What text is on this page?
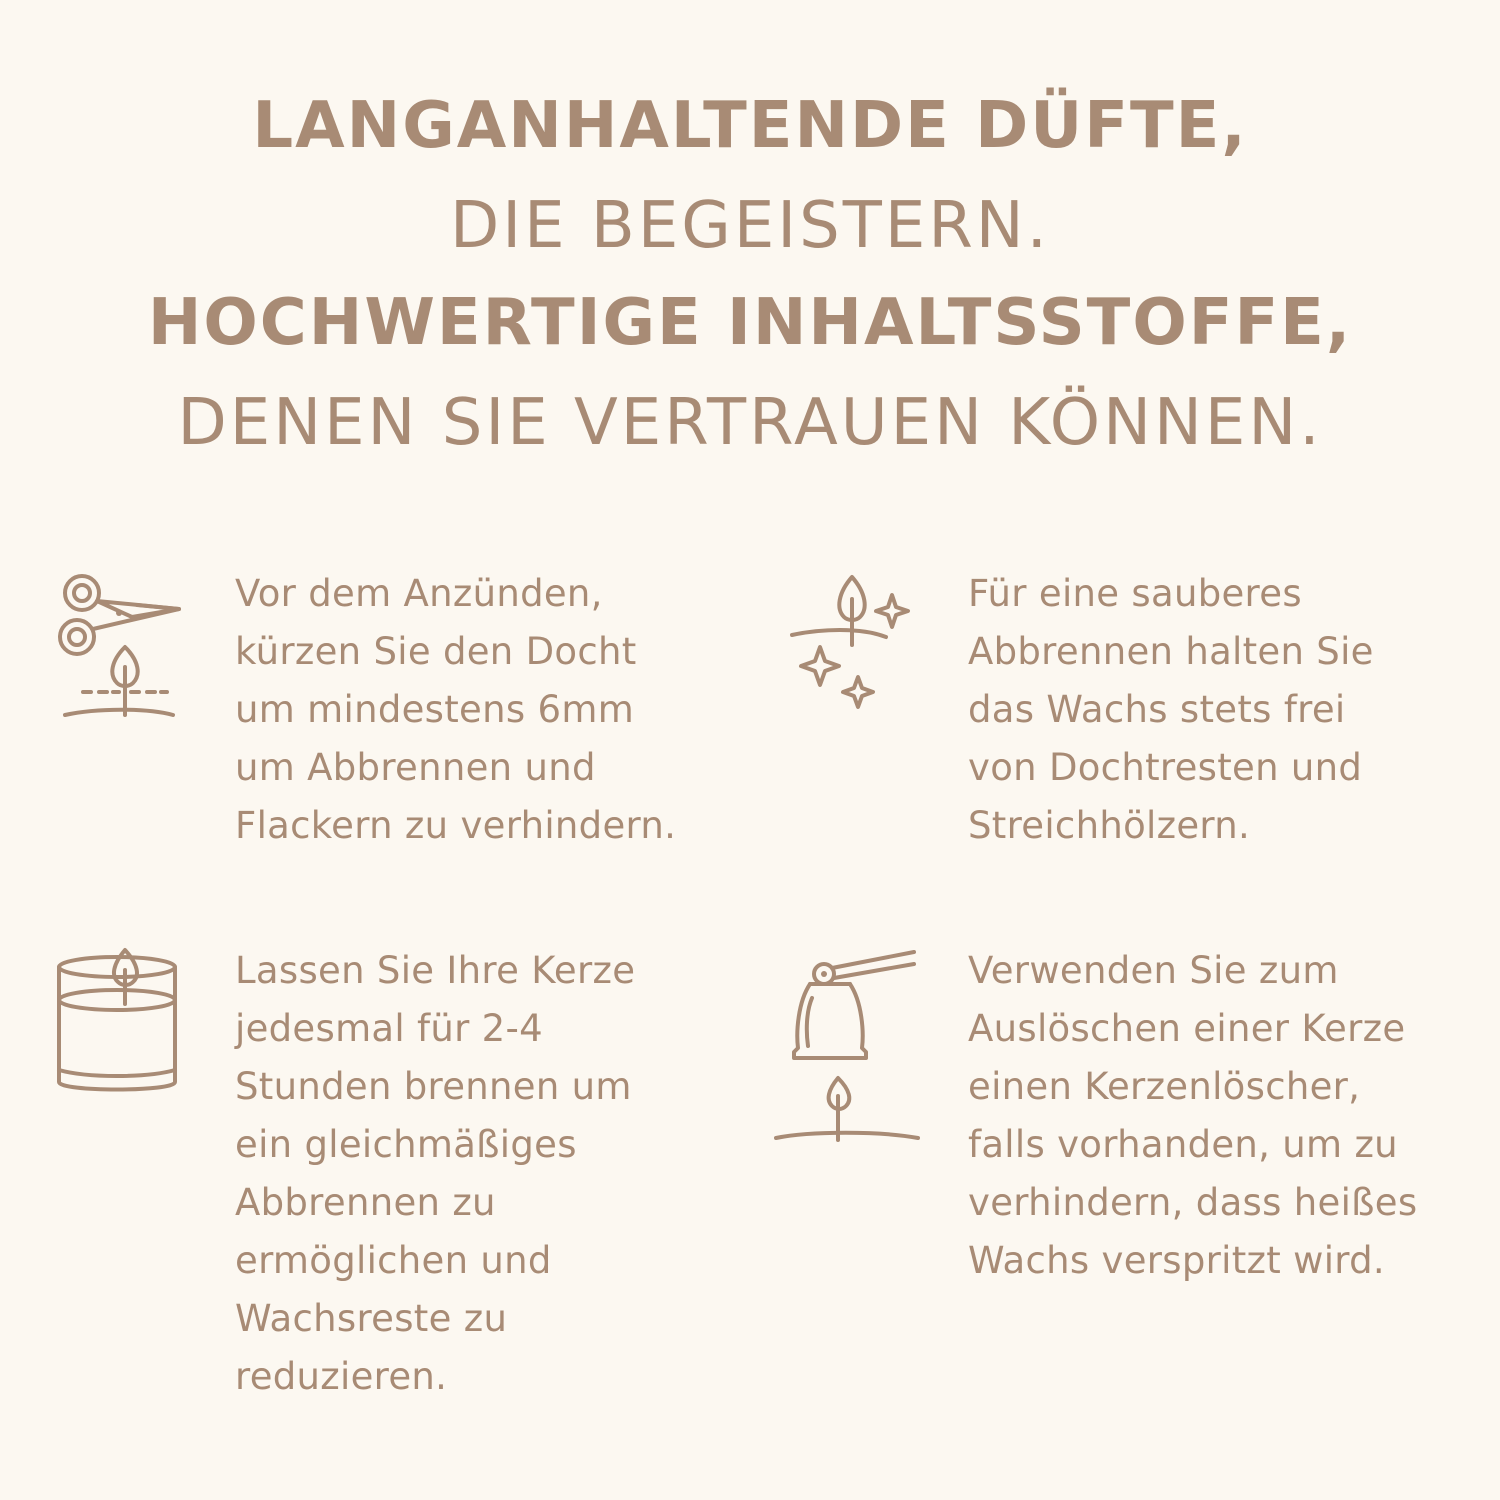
LANGANHALTENDE DÜFTE,
DIE BEGEISTERN.
HOCHWERTIGE INHALTSSTOFFE,
DENEN SIE VERTRAUEN KÖNNEN.
Vor dem Anzünden,
kürzen Sie den Docht
um mindestens 6mm
um Abbrennen und
Flackern zu verhindern.
Für eine sauberes
Abbrennen halten Sie
das Wachs stets frei
von Dochtresten und
Streichhölzern.
Lassen Sie Ihre Kerze
jedesmal für 2-4
Stunden brennen um
ein gleichmäßiges
Abbrennen zu
ermöglichen und
Wachsreste zu
reduzieren.
Verwenden Sie zum
Auslöschen einer Kerze
einen Kerzenlöscher,
falls vorhanden, um zu
verhindern, dass heißes
Wachs verspritzt wird.
